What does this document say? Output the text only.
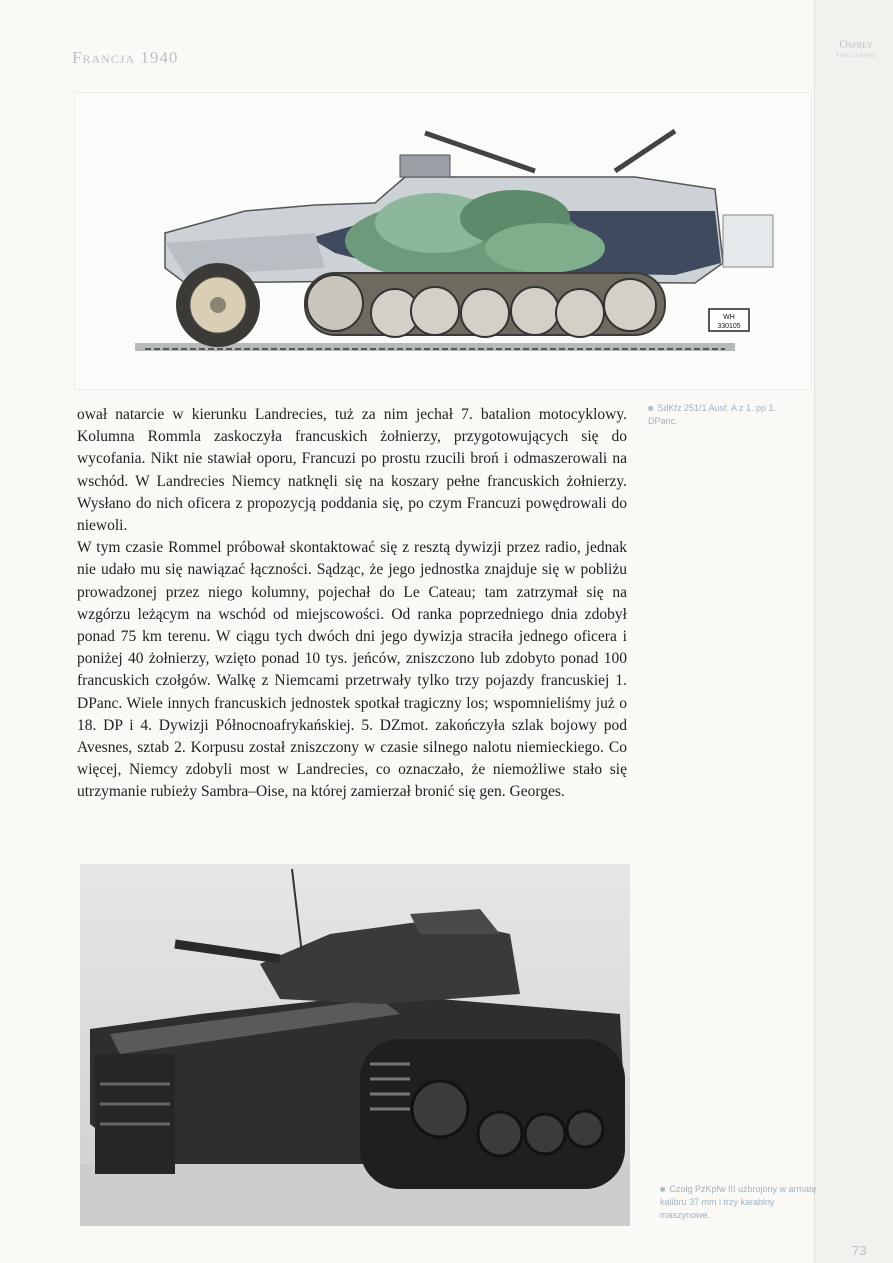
Francja 1940
Osprey
PUBLISHING
WH
330105
■ SdKfz 251/1 Ausf. A z 1. pp 1. DPanc.

ował natarcie w kierunku Landrecies, tuż za nim jechał 7. batalion motocyklowy. Kolumna Rommla zaskoczyła francuskich żołnierzy, przygotowujących się do wycofania. Nikt nie stawiał oporu, Francuzi po prostu rzucili broń i odmaszerowali na wschód. W Landrecies Niemcy natknęli się na koszary pełne francuskich żołnierzy. Wysłano do nich oficera z propozycją poddania się, po czym Francuzi powędrowali do niewoli.

W tym czasie Rommel próbował skontaktować się z resztą dywizji przez radio, jednak nie udało mu się nawiązać łączności. Sądząc, że jego jednostka znajduje się w pobliżu prowadzonej przez niego kolumny, pojechał do Le Cateau; tam zatrzymał się na wzgórzu leżącym na wschód od miejscowości. Od ranka poprzedniego dnia zdobył ponad 75 km terenu. W ciągu tych dwóch dni jego dywizja straciła jednego oficera i poniżej 40 żołnierzy, wzięto ponad 10 tys. jeńców, zniszczono lub zdobyto ponad 100 francuskich czołgów. Walkę z Niemcami przetrwały tylko trzy pojazdy francuskiej 1. DPanc. Wiele innych francuskich jednostek spotkał tragiczny los; wspomnieliśmy już o 18. DP i 4. Dywizji Północnoafrykańskiej. 5. DZmot. zakończyła szlak bojowy pod Avesnes, sztab 2. Korpusu został zniszczony w czasie silnego nalotu niemieckiego. Co więcej, Niemcy zdobyli most w Landrecies, co oznaczało, że niemożliwe stało się utrzymanie rubieży Sambra–Oise, na której zamierzał bronić się gen. Georges.

■ Czołg PzKpfw III uzbrojony w armatę kalibru 37 mm i trzy karabiny maszynowe.
73
